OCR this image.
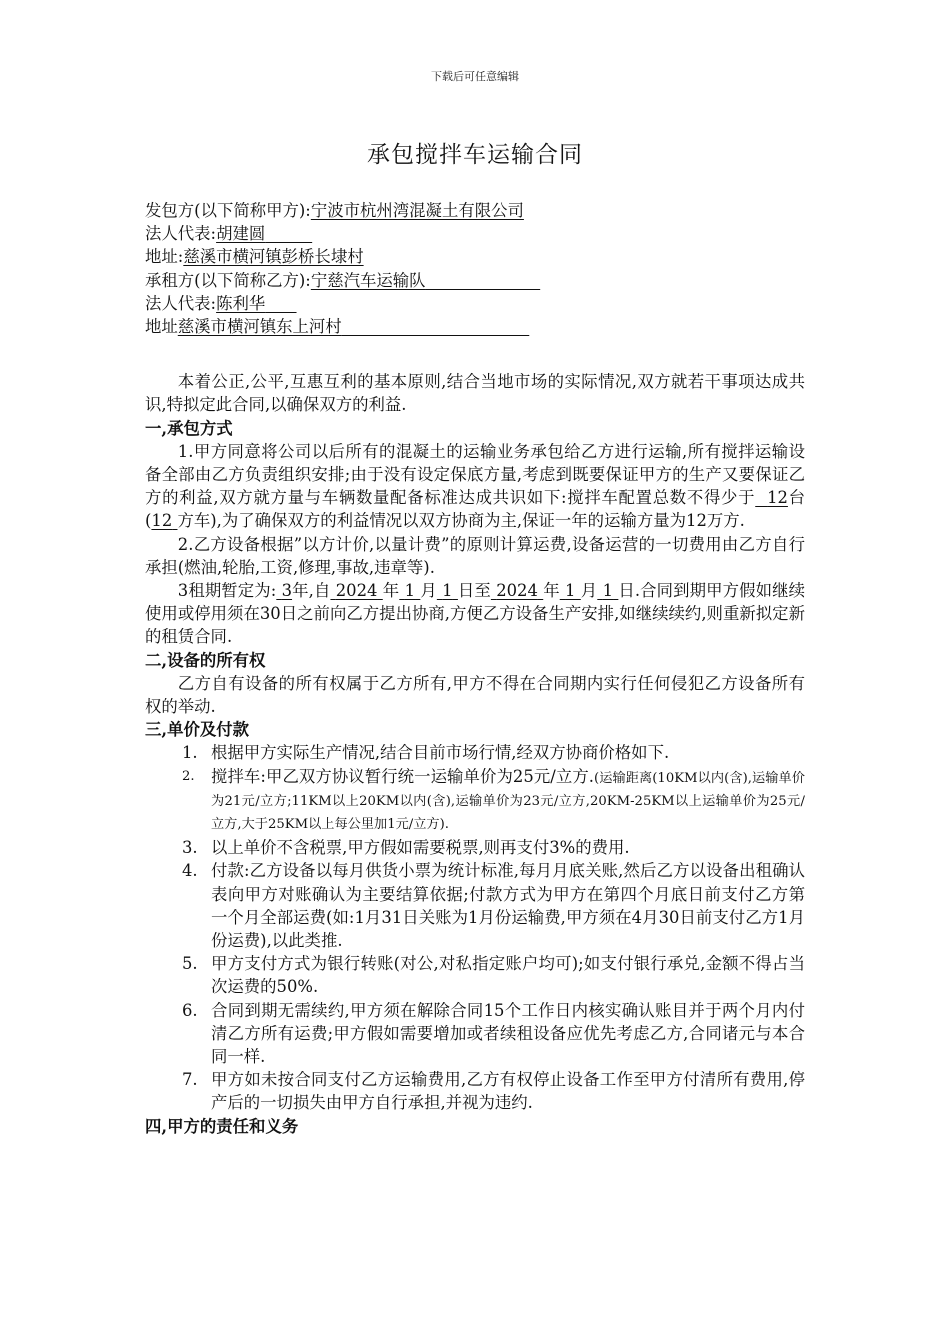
下载后可任意编辑
承包搅拌车运输合同
发包方(以下简称甲方):宁波市杭州湾混凝土有限公司
法人代表:胡建圆
地址:慈溪市横河镇彭桥长埭村
承租方(以下简称乙方):宁慈汽车运输队
法人代表:陈利华
地址慈溪市横河镇东上河村

本着公正,公平,互惠互利的基本原则,结合当地市场的实际情况,双方就若干事项达成共识,特拟定此合同,以确保双方的利益.

一,承包方式

1.甲方同意将公司以后所有的混凝土的运输业务承包给乙方进行运输,所有搅拌运输设备全部由乙方负责组织安排;由于没有设定保底方量,考虑到既要保证甲方的生产又要保证乙方的利益,双方就方量与车辆数量配备标准达成共识如下:搅拌车配置总数不得少于 12台(12 方车),为了确保双方的利益情况以双方协商为主,保证一年的运输方量为12万方.

2.乙方设备根据”以方计价,以量计费”的原则计算运费,设备运营的一切费用由乙方自行承担(燃油,轮胎,工资,修理,事故,违章等).

3租期暂定为: 3年,自 2024 年 1 月 1 日至 2024 年 1 月 1 日.合同到期甲方假如继续使用或停用须在30日之前向乙方提出协商,方便乙方设备生产安排,如继续续约,则重新拟定新的租赁合同.

二,设备的所有权

乙方自有设备的所有权属于乙方所有,甲方不得在合同期内实行任何侵犯乙方设备所有权的举动.

三,单价及付款
1. 根据甲方实际生产情况,结合目前市场行情,经双方协商价格如下.
2. 搅拌车:甲乙双方协议暂行统一运输单价为25元/立方.(运输距离(10KM以内(含),运输单价为21元/立方;11KM以上20KM以内(含),运输单价为23元/立方,20KM-25KM以上运输单价为25元/立方,大于25KM以上每公里加1元/立方).
3. 以上单价不含税票,甲方假如需要税票,则再支付3%的费用.
4. 付款:乙方设备以每月供货小票为统计标准,每月月底关账,然后乙方以设备出租确认表向甲方对账确认为主要结算依据;付款方式为甲方在第四个月底日前支付乙方第一个月全部运费(如:1月31日关账为1月份运输费,甲方须在4月30日前支付乙方1月份运费),以此类推.
5. 甲方支付方式为银行转账(对公,对私指定账户均可);如支付银行承兑,金额不得占当次运费的50%.
6. 合同到期无需续约,甲方须在解除合同15个工作日内核实确认账目并于两个月内付清乙方所有运费;甲方假如需要增加或者续租设备应优先考虑乙方,合同诸元与本合同一样.
7. 甲方如未按合同支付乙方运输费用,乙方有权停止设备工作至甲方付清所有费用,停产后的一切损失由甲方自行承担,并视为违约.
四,甲方的责任和义务
